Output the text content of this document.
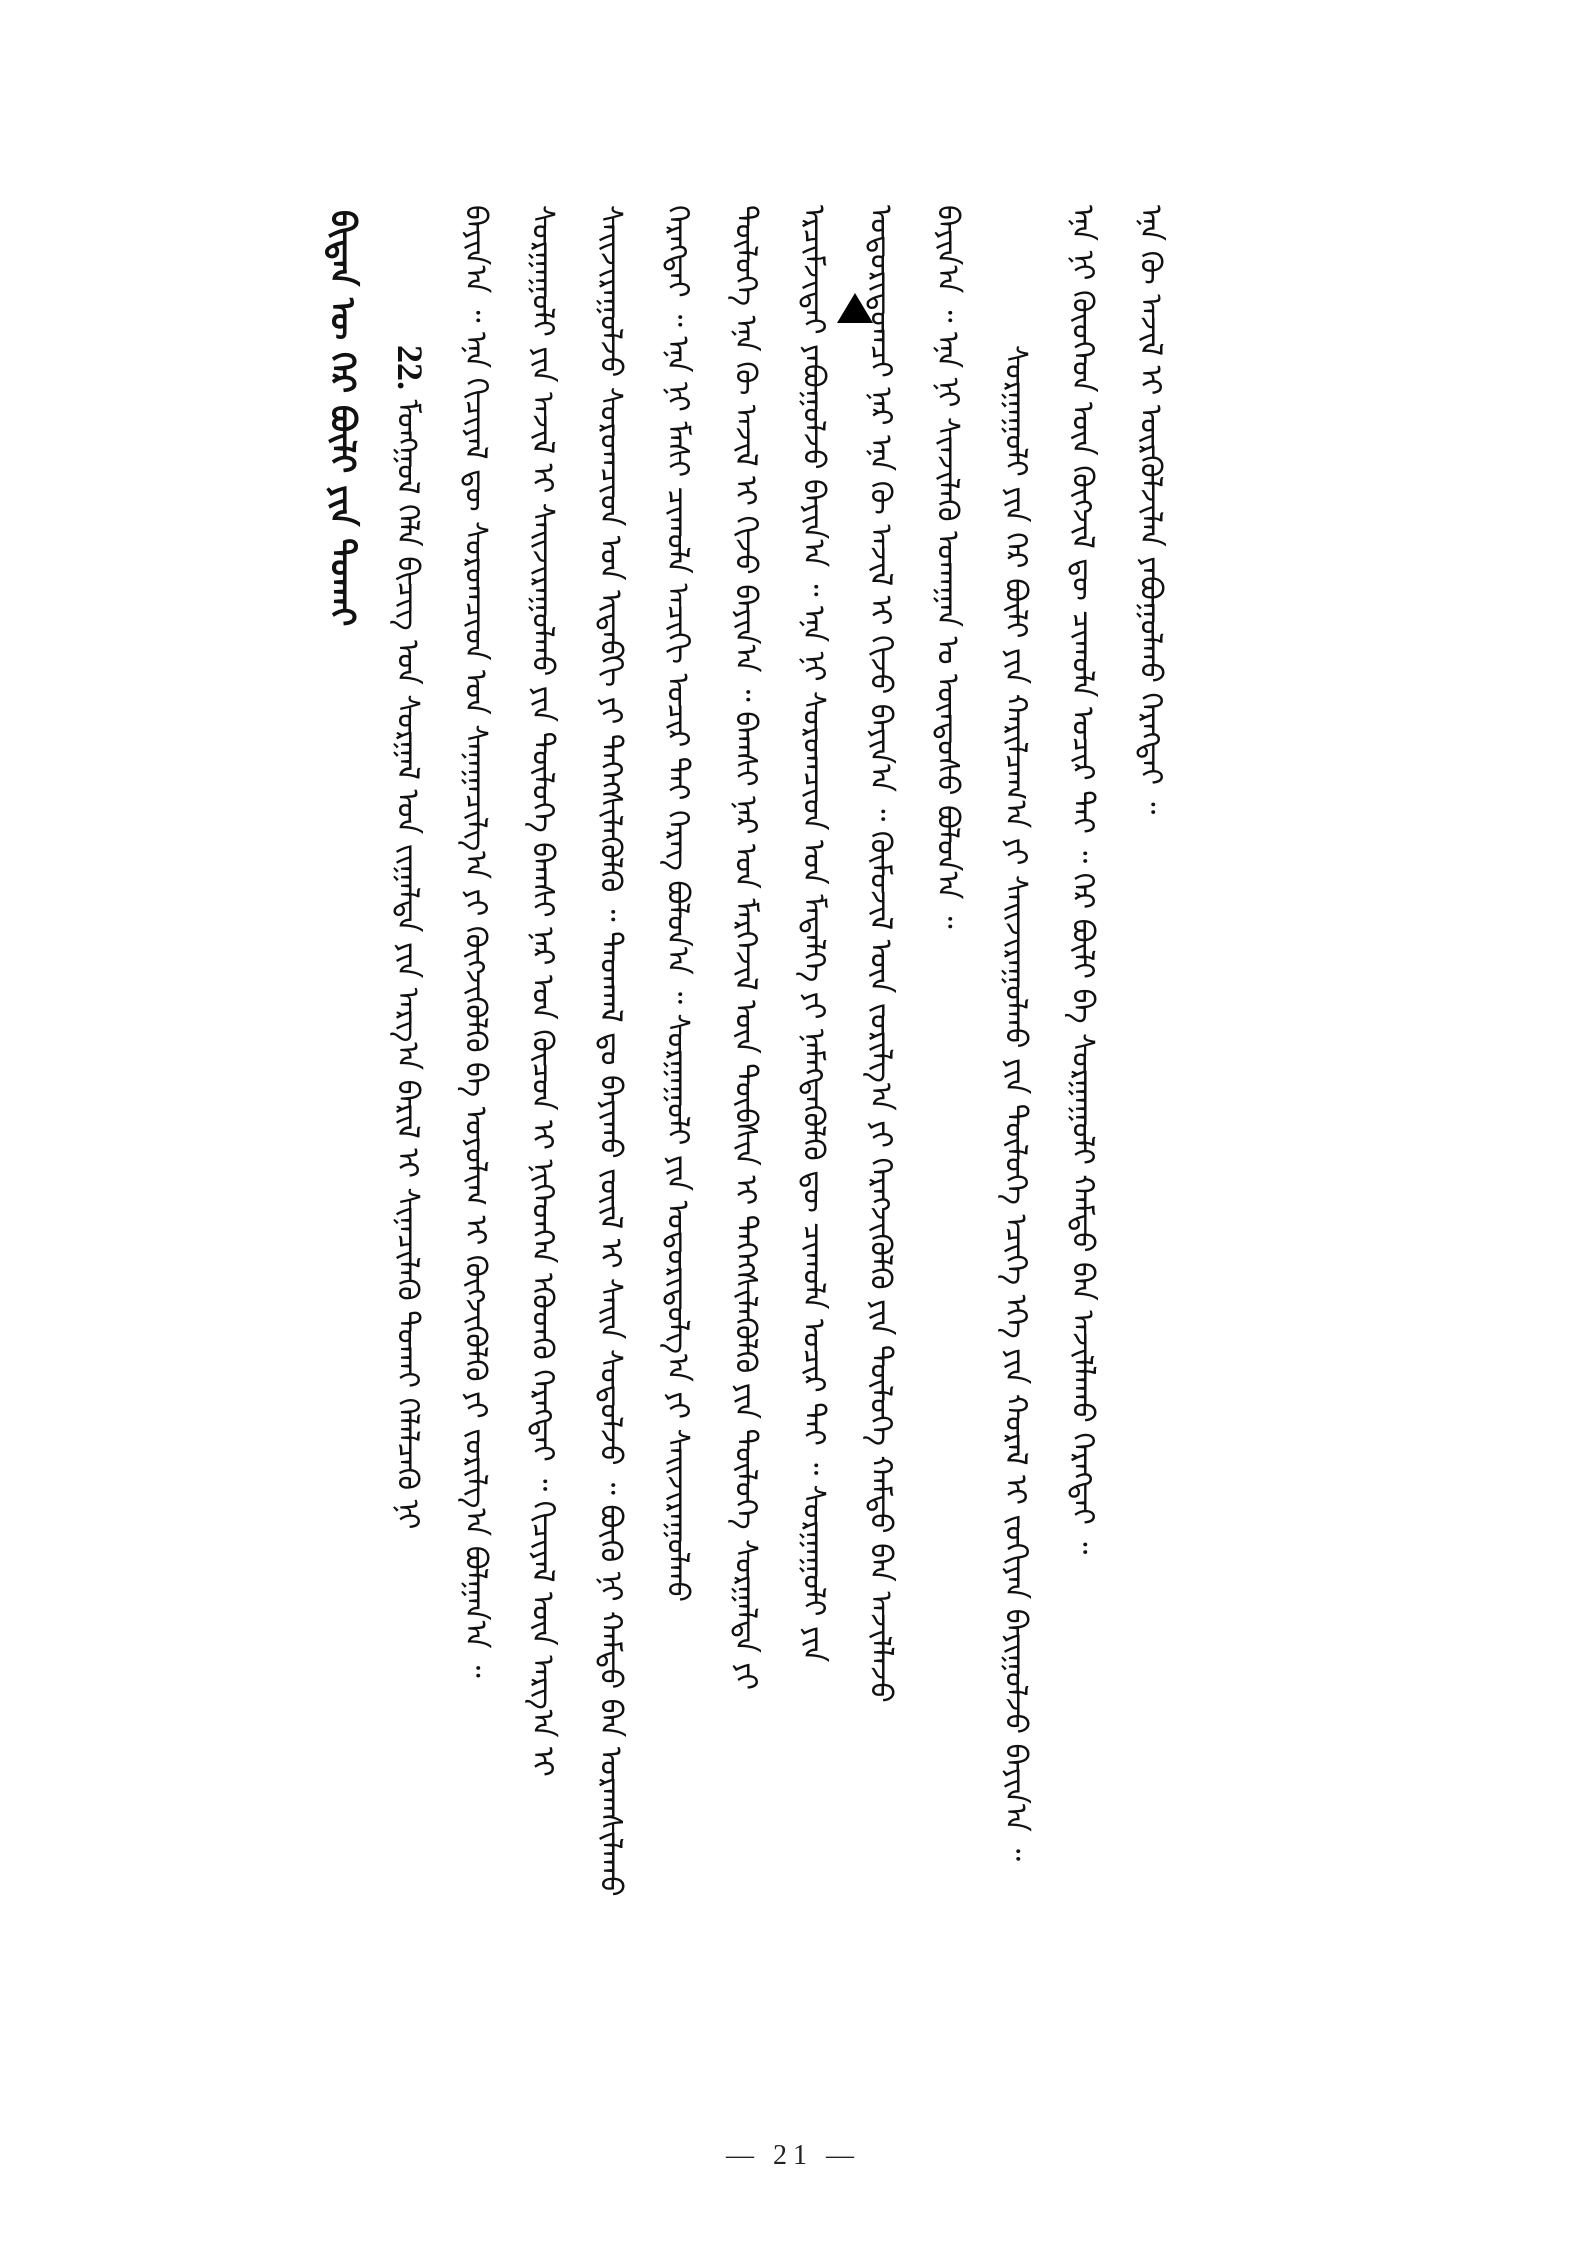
ᠪᠢᠳᠡᠨ ᠦ ᠭᠡᠷ ᠪᠦᠯᠢ ᠶᠢᠨ ᠲᠤᠬᠠᠢ 22. ᠮᠣᠩᠭᠣᠯ ᠬᠡᠯᠡ ᠪᠢᠴᠢᠭ ᠤᠨ ᠰᠤᠷᠭᠠᠯ ᠤᠨ ᠵᠢᠭᠠᠯᠲᠠ ᠶᠢᠨ ᠠᠷᠭ᠎ᠠ ᠪᠠᠷᠢᠯ ᠢ ᠰᠢᠨᠡᠴᠢᠯᠡᠬᠦ ᠲᠤᠬᠠᠢ ᠬᠡᠯᠡᠯᠴᠡᠬᠦ ᠨᠢ ᠪᠠᠶᠢᠨ᠎ᠠ ᠃ ᠡᠨᠡ ᠬᠢᠴᠢᠶᠡᠯ ᠳᠦ ᠰᠤᠷᠤᠭᠴᠢᠳ ᠤᠨ ᠰᠠᠨᠠᠭᠠᠴᠢᠯᠭ᠎ᠠ ᠶᠢ ᠬᠥᠭᠵᠢᠭᠦᠯᠬᠦ ᠪᠠ ᠤᠶᠤᠯᠢᠭ ᠢ ᠬᠥᠭᠵᠢᠭᠦᠯᠬᠦ ᠶᠢ ᠵᠣᠷᠢᠯᠭ᠎ᠠ ᠪᠣᠯᠭᠠᠨ᠎ᠠ ᠃ ᠰᠤᠷᠭᠠᠭᠤᠯᠢ ᠶᠢᠨ ᠠᠵᠢᠯ ᠢ ᠰᠠᠢᠵᠢᠷᠠᠭᠤᠯᠬᠤ ᠶᠢᠨ ᠲᠥᠯᠦᠭᠡ ᠪᠠᠭᠰᠢ ᠨᠠᠷ ᠤᠨ ᠬᠦᠴᠦᠨ ᠢ ᠨᠢᠭᠡᠳᠭᠡᠨ ᠡᠭᠦᠳᠬᠦ ᠬᠡᠷᠡᠭᠲᠡᠢ ᠃ ᠬᠢᠴᠢᠶᠡᠯ ᠦᠨ ᠠᠷᠭ᠎ᠠ ᠢ ᠰᠠᠢᠵᠢᠷᠠᠭᠤᠯᠵᠤ ᠰᠤᠷᠤᠭᠴᠢᠳ ᠤᠨ ᠢᠳᠡᠪᠬᠢ ᠶᠢ ᠳᠡᠭᠡᠭᠰᠢᠯᠡᠭᠦᠯᠬᠦ ᠃ ᠳᠠᠳᠬᠠᠯ ᠳᠤ ᠪᠠᠶᠢᠬᠤ ᠵᠦᠢᠯ ᠢ ᠰᠠᠢᠨ ᠰᠤᠳᠤᠯᠵᠤ ᠃ ᠪᠦᠬᠦ ᠨᠢ ᠬᠠᠮᠲᠤ ᠪᠠᠨ ᠤᠷᠠᠭᠰᠢᠯᠠᠬᠤ ᠬᠡᠷᠡᠭᠲᠡᠢ ᠃ ᠡᠨᠡ ᠨᠢ ᠮᠠᠰᠢ ᠴᠢᠬᠤᠯᠠ ᠠᠴᠢᠬᠢ ᠤᠴᠢᠷ ᠲᠠᠢ ᠬᠡᠷᠡᠭ ᠪᠣᠯᠤᠨ᠎ᠠ ᠃ ᠰᠤᠷᠭᠠᠭᠤᠯᠢ ᠶᠢᠨ ᠤᠳᠤᠷᠢᠳᠤᠯᠭ᠎ᠠ ᠶᠢ ᠰᠠᠢᠵᠢᠷᠠᠭᠤᠯᠬᠤ ᠲᠥᠯᠦᠭᠡ ᠡᠨᠡ ᠬᠦ ᠠᠵᠢᠯ ᠢ ᠬᠢᠵᠦ ᠪᠠᠶᠢᠨ᠎ᠠ ᠃ ᠪᠠᠭᠰᠢ ᠨᠠᠷ ᠤᠨ ᠮᠡᠷᠭᠡᠵᠢᠯ ᠦᠨ ᠲᠦᠪᠰᠢᠨ ᠢ ᠳᠡᠭᠡᠭᠰᠢᠯᠡᠭᠦᠯᠬᠦ ᠶᠢᠨ ᠲᠥᠯᠦᠭᠡ ᠰᠤᠷᠭᠠᠯᠲᠠ ᠶᠢ ᠡᠷᠴᠢᠮᠵᠢᠲᠡᠢ ᠶᠠᠪᠤᠭᠤᠯᠵᠤ ᠪᠠᠶᠢᠨ᠎ᠠ ᠃ ᠡᠨᠡ ᠨᠢ ᠰᠤᠷᠤᠭᠴᠢᠳ ᠤᠨ ᠮᠡᠳᠡᠯᠭᠡ ᠶᠢ ᠨᠡᠮᠡᠭᠳᠡᠭᠦᠯᠬᠦ ᠳᠦ ᠴᠢᠬᠤᠯᠠ ᠤᠴᠢᠷ ᠲᠠᠢ ᠃ ᠰᠤᠷᠭᠠᠭᠤᠯᠢ ᠶᠢᠨ ᠤᠳᠤᠷᠢᠳᠤᠭᠴᠢ ᠨᠠᠷ ᠡᠨᠡ ᠬᠦ ᠠᠵᠢᠯ ᠢ ᠬᠢᠵᠦ ᠪᠠᠶᠢᠨ᠎ᠠ ᠃ ᠬᠦᠮᠦᠵᠢᠯ ᠦᠨ ᠵᠣᠷᠢᠯᠭ᠎ᠠ ᠶᠢ ᠬᠡᠷᠡᠭᠵᠢᠭᠦᠯᠬᠦ ᠶᠢᠨ ᠲᠥᠯᠦᠭᠡ ᠬᠠᠮᠲᠤ ᠪᠠᠨ ᠠᠵᠢᠯᠯᠠᠵᠤ ᠪᠠᠶᠢᠨ᠎ᠠ ᠃ ᠡᠨᠡ ᠨᠢ ᠰᠢᠨᠵᠢᠯᠡᠬᠦ ᠤᠬᠠᠭᠠᠨ ᠤ ᠦᠨᠳᠦᠰᠦ ᠪᠣᠯᠤᠨ᠎ᠠ ᠃ ᠰᠤᠷᠭᠠᠭᠤᠯᠢ ᠶᠢᠨ ᠭᠡᠷ ᠪᠦᠯᠢ ᠶᠢᠨ ᠬᠠᠷᠢᠯᠴᠠᠭ᠎ᠠ ᠶᠢ ᠰᠠᠢᠵᠢᠷᠠᠭᠤᠯᠬᠤ ᠶᠢᠨ ᠲᠥᠯᠦᠭᠡ ᠡᠴᠢᠭᠡ ᠡᠬᠡ ᠶᠢᠨ ᠬᠤᠷᠠᠯ ᠢ ᠵᠣᠬᠢᠶᠠᠨ ᠪᠠᠶᠢᠭᠤᠯᠵᠤ ᠪᠠᠶᠢᠨ᠎ᠠ ᠃ ᠡᠨᠡ ᠨᠢ ᠬᠦᠦᠬᠡᠳ ᠦᠨ ᠬᠥᠭᠵᠢᠯ ᠳᠦ ᠴᠢᠬᠤᠯᠠ ᠤᠴᠢᠷ ᠲᠠᠢ ᠃ ᠭᠡᠷ ᠪᠦᠯᠢ ᠪᠠ ᠰᠤᠷᠭᠠᠭᠤᠯᠢ ᠬᠠᠮᠲᠤ ᠪᠠᠨ ᠠᠵᠢᠯᠯᠠᠬᠤ ᠬᠡᠷᠡᠭᠲᠡᠢ ᠃ ᠡᠨᠡ ᠬᠦ ᠠᠵᠢᠯ ᠢ ᠦᠷᠭᠦᠯᠵᠢᠯᠡᠨ ᠶᠠᠪᠤᠭᠤᠯᠬᠤ ᠬᠡᠷᠡᠭᠲᠡᠢ ᠃
— 21 —
